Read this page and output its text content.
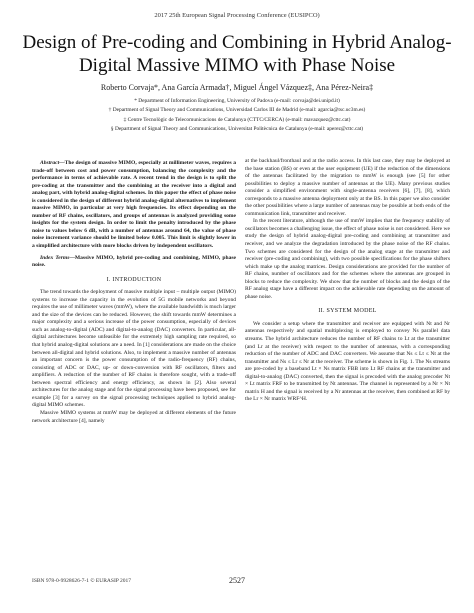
2017 25th European Signal Processing Conference (EUSIPCO)
Design of Pre-coding and Combining in Hybrid Analog-Digital Massive MIMO with Phase Noise
Roberto Corvaja*, Ana García Armada†, Miguel Ángel Vázquez‡, Ana Pérez-Neira‡
* Department of Information Engineering, University of Padova (e-mail: corvaja@dei.unipd.it)
† Department of Signal Theory and Communications, Universidad Carlos III de Madrid (e-mail: agarcia@tsc.uc3m.es)
‡ Centre Tecnològic de Telecomunicacions de Catalunya (CTTC/CERCA) (e-mail: mavazquez@cttc.cat)
§ Department of Signal Theory and Communications, Universitat Politècnica de Catalunya (e-mail: aperez@cttc.cat)

Abstract—The design of massive MIMO, especially at millimeter waves, requires a trade-off between cost and power consumption, balancing the complexity and the performance in terms of achievable rate. A recent trend in the design is to split the pre-coding at the transmitter and the combining at the receiver into a digital and analog part, with hybrid analog-digital schemes. In this paper the effect of phase noise is considered in the design of different hybrid analog-digital alternatives to implement massive MIMO, in particular at very high frequencies. Its effect depending on the number of RF chains, oscillators, and groups of antennas is analyzed providing some insights for the system design. In order to limit the penalty introduced by the phase noise to values below 6 dB, with a number of antennas around 64, the value of phase noise increment variance should be limited below 0.005. This limit is slightly lower in a simplified architecture with more blocks driven by independent oscillators.

Index Terms—Massive MIMO, hybrid pre-coding and combining, MIMO, phase noise.

I. INTRODUCTION

The trend towards the deployment of massive multiple input – multiple output (MIMO) systems to increase the capacity in the evolution of 5G mobile networks and beyond requires the use of millimeter waves (mmW), where the available bandwidth is much larger and the size of the devices can be reduced. However, the shift towards mmW determines a major complexity and a serious increase of the power consumption, especially of devices such as analog-to-digital (ADC) and digital-to-analog (DAC) converters. In particular, all-digital architectures become unfeasible for the extremely high sampling rate required, so that hybrid analog-digital solutions are a need. In [1] considerations are made on the choice between all-digital and hybrid solutions. Also, to implement a massive number of antennas an important concern is the power consumption of the radio-frequency (RF) chains, consisting of ADC or DAC, up- or down-conversion with RF oscillators, filters and amplifiers. A reduction of the number of RF chains is therefore sought, with a trade-off between spectral efficiency and energy efficiency, as shown in [2]. Also several architectures for the analog stage and for the signal processing have been proposed, see for example [3] for a survey on the signal processing techniques applied to hybrid analog-digital MIMO schemes.

Massive MIMO systems at mmW may be deployed at different elements of the future network architecture [4], namely

at the backhaul/fronthaul and at the radio access. In this last case, they may be deployed at the base station (BS) or even at the user equipment (UE) if the reduction of the dimensions of the antennas facilitated by the migration to mmW is enough (see [5] for other possibilities to deploy a massive number of antennas at the UE). Many previous studies consider a simplified environment with single-antenna receivers [6], [7], [8], which corresponds to a massive antenna deployment only at the BS. In this paper we also consider the other possibilities where a large number of antennas may be possible at both ends of the communication link, transmitter and receiver.

In the recent literature, although the use of mmW implies that the frequency stability of oscillators becomes a challenging issue, the effect of phase noise is not considered. Here we study the design of hybrid analog-digital pre-coding and combining at transmitter and receiver, and we analyze the degradation introduced by the phase noise of the RF chains. Two schemes are considered for the design of the analog stage at the transmitter and receiver (pre-coding and combining), with two possible specifications for the phase shifters which make up the analog matrices. Design considerations are provided for the number of RF chains, number of oscillators and for the schemes where the antennas are grouped in blocks to reduce the complexity. We show that the number of blocks and the design of the RF analog stage have a different impact on the achievable rate depending on the amount of phase noise.

II. SYSTEM MODEL

We consider a setup where the transmitter and receiver are equipped with Nt and Nr antennas respectively and spatial multiplexing is employed to convey Ns parallel data streams. The hybrid architecture reduces the number of RF chains to Lt at the transmitter (and Lr at the receiver) with respect to the number of antennas, with a corresponding reduction of the number of ADC and DAC converters. We assume that Ns ≤ Lt ≤ Nt at the transmitter and Ns ≤ Lr ≤ Nr at the receiver. The scheme is shown in Fig. 1. The Ns streams are pre-coded by a baseband Lt × Ns matrix FBB into Lt RF chains at the transmitter and digital-to-analog (DAC) converted, then the signal is precoded with the analog precoder Nt × Lt matrix FRF to be transmitted by Nt antennas. The channel is represented by a Nr × Nt matrix H and the signal is received by a Nr antennas at the receiver, then combined at RF by the Lr × Nr matrix WRF^H.

ISBN 978-0-9928626-7-1 © EURASIP 2017	2527
